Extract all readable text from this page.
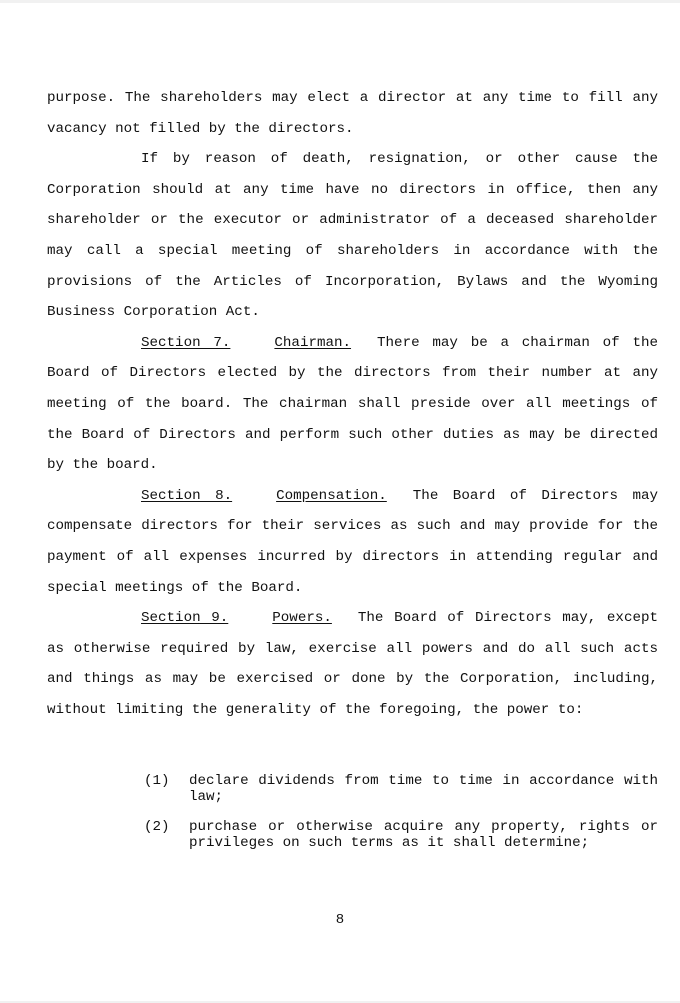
purpose. The shareholders may elect a director at any time to fill any vacancy not filled by the directors.

If by reason of death, resignation, or other cause the Corporation should at any time have no directors in office, then any shareholder or the executor or administrator of a deceased shareholder may call a special meeting of shareholders in accordance with the provisions of the Articles of Incorporation, Bylaws and the Wyoming Business Corporation Act.

Section 7.	Chairman. There may be a chairman of the Board of Directors elected by the directors from their number at any meeting of the board. The chairman shall preside over all meetings of the Board of Directors and perform such other duties as may be directed by the board.

Section 8.	Compensation. The Board of Directors may compensate directors for their services as such and may provide for the payment of all expenses incurred by directors in attending regular and special meetings of the Board.

Section 9.	Powers. The Board of Directors may, except as otherwise required by law, exercise all powers and do all such acts and things as may be exercised or done by the Corporation, including, without limiting the generality of the foregoing, the power to:

(1)	declare dividends from time to time in accordance with law;
(2)	purchase or otherwise acquire any property, rights or privileges on such terms as it shall determine;
8
